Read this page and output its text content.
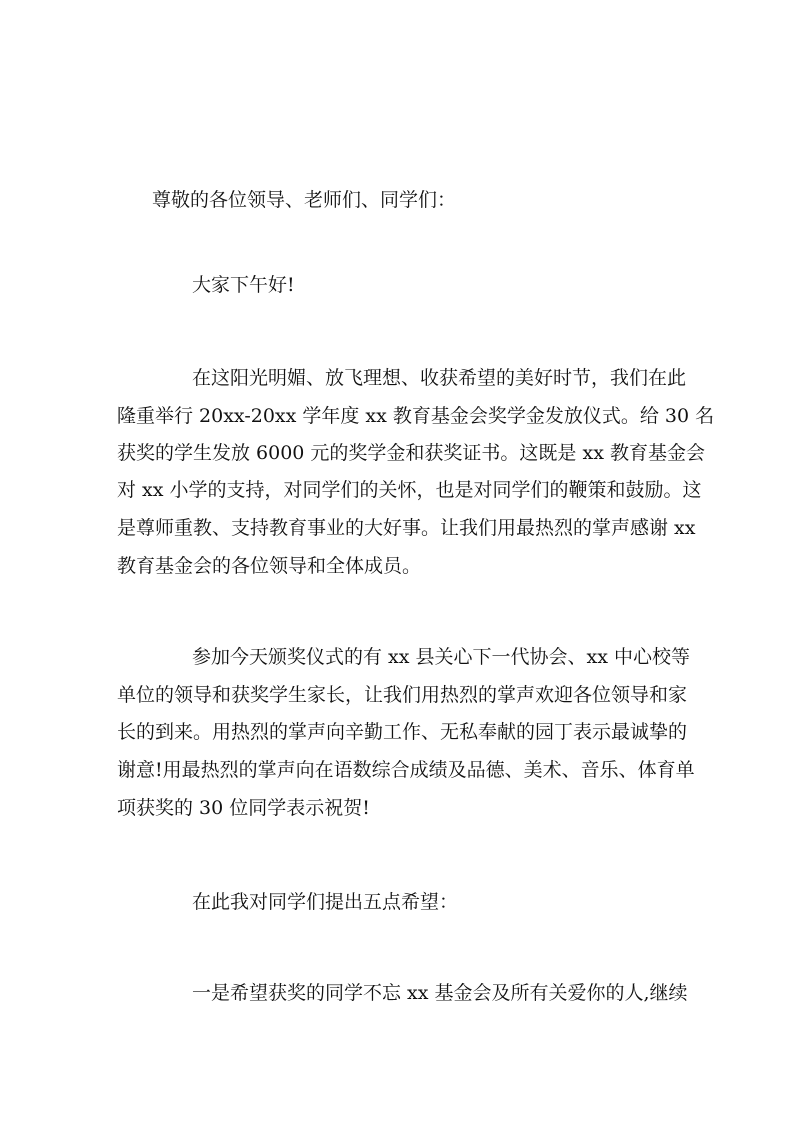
尊敬的各位领导、老师们、同学们：
大家下午好!
在这阳光明媚、放飞理想、收获希望的美好时节，我们在此
隆重举行 20xx-20xx 学年度 xx 教育基金会奖学金发放仪式。给 30 名
获奖的学生发放 6000 元的奖学金和获奖证书。这既是 xx 教育基金会
对 xx 小学的支持，对同学们的关怀，也是对同学们的鞭策和鼓励。这
是尊师重教、支持教育事业的大好事。让我们用最热烈的掌声感谢 xx
教育基金会的各位领导和全体成员。
参加今天颁奖仪式的有 xx 县关心下一代协会、xx 中心校等
单位的领导和获奖学生家长，让我们用热烈的掌声欢迎各位领导和家
长的到来。用热烈的掌声向辛勤工作、无私奉献的园丁表示最诚挚的
谢意!用最热烈的掌声向在语数综合成绩及品德、美术、音乐、体育单
项获奖的 30 位同学表示祝贺!
在此我对同学们提出五点希望：
一是希望获奖的同学不忘 xx 基金会及所有关爱你的人,继续
